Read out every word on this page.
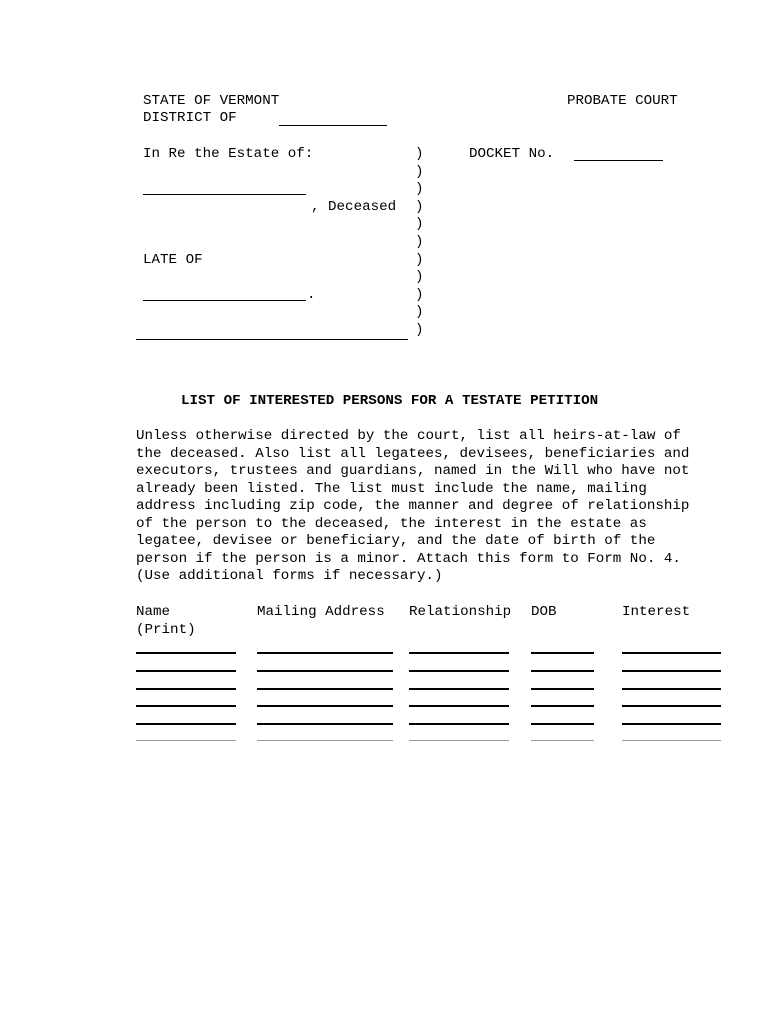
STATE OF VERMONT	PROBATE COURT
DISTRICT OF
In Re the Estate of:
, Deceased
LATE OF
.
)
)
)
)
)
)
)
)
)
)
)
DOCKET No.
LIST OF INTERESTED PERSONS FOR A TESTATE PETITION
Unless otherwise directed by the court, list all heirs-at-law of
the deceased. Also list all legatees, devisees, beneficiaries and
executors, trustees and guardians, named in the Will who have not
already been listed. The list must include the name, mailing
address including zip code, the manner and degree of relationship
of the person to the deceased, the interest in the estate as
legatee, devisee or beneficiary, and the date of birth of the
person if the person is a minor. Attach this form to Form No. 4.
(Use additional forms if necessary.)
Name
(Print)
Mailing Address Relationship DOB	Interest
